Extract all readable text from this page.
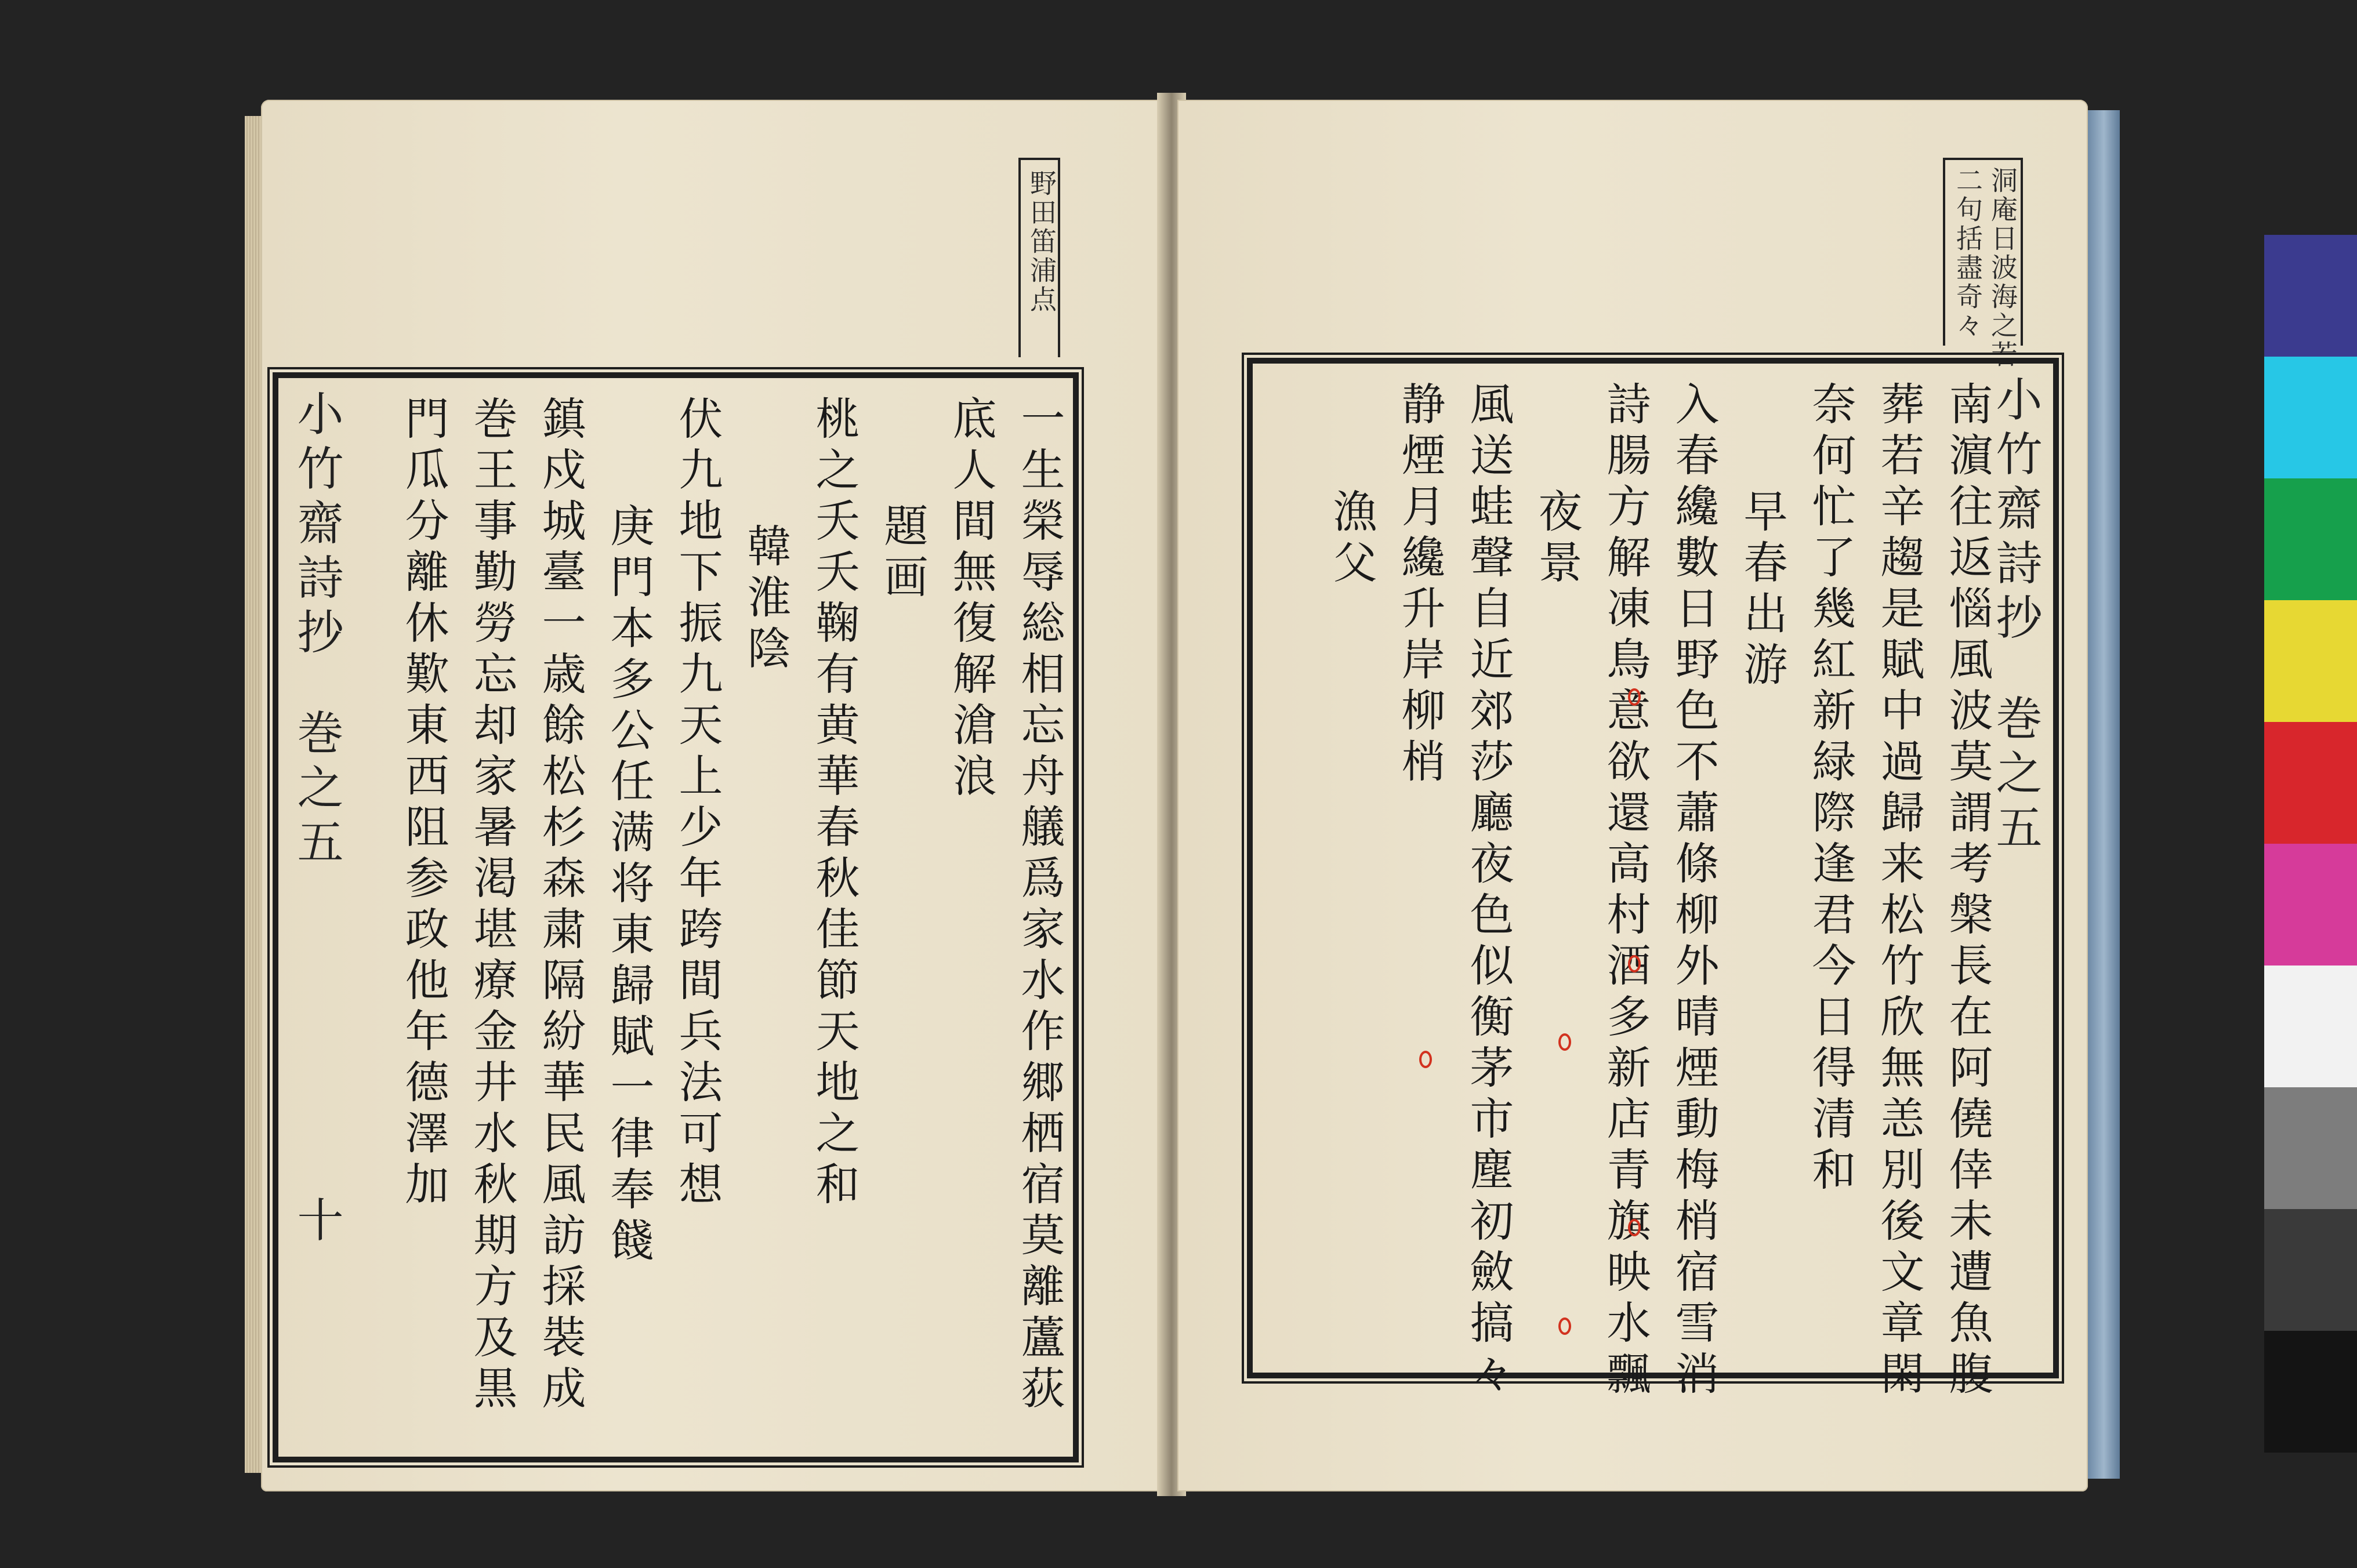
野田笛浦点
小竹齋詩抄
巻之五
十	一生榮辱総相忘舟艤爲家水作郷栖宿莫離蘆荻
底人間無復解滄浪
題画
桃之夭夭鞠有黄華春秋佳節天地之和
韓淮陰
伏九地下振九天上少年跨間兵法可想
庚門本多公任满将東歸賦一律奉餞
鎮戍城臺一歳餘松杉森粛隔紛華民風訪採裝成
巻王事勤勞忘却家暑渇堪療金井水秋期方及黒
門瓜分離休歎東西阻参政他年德澤加
洞庵日波海之若
二句括盡奇々
小竹齋詩抄
巻之五
南濵往返惱風波莫謂考槃長在阿僥倖未遭魚腹
葬若辛趨是賦中過歸来松竹欣無恙別後文章閑
奈何忙了幾紅新緑際逢君今日得清和
早春出游
入春纔數日野色不蕭條柳外晴煙動梅梢宿雪消
詩腸方解凍鳥意欲還高村酒多新店青旗映水飄
夜景
風送蛙聲自近郊莎廳夜色似衡茅市塵初斂搞々
静煙月纔升岸柳梢
漁父
